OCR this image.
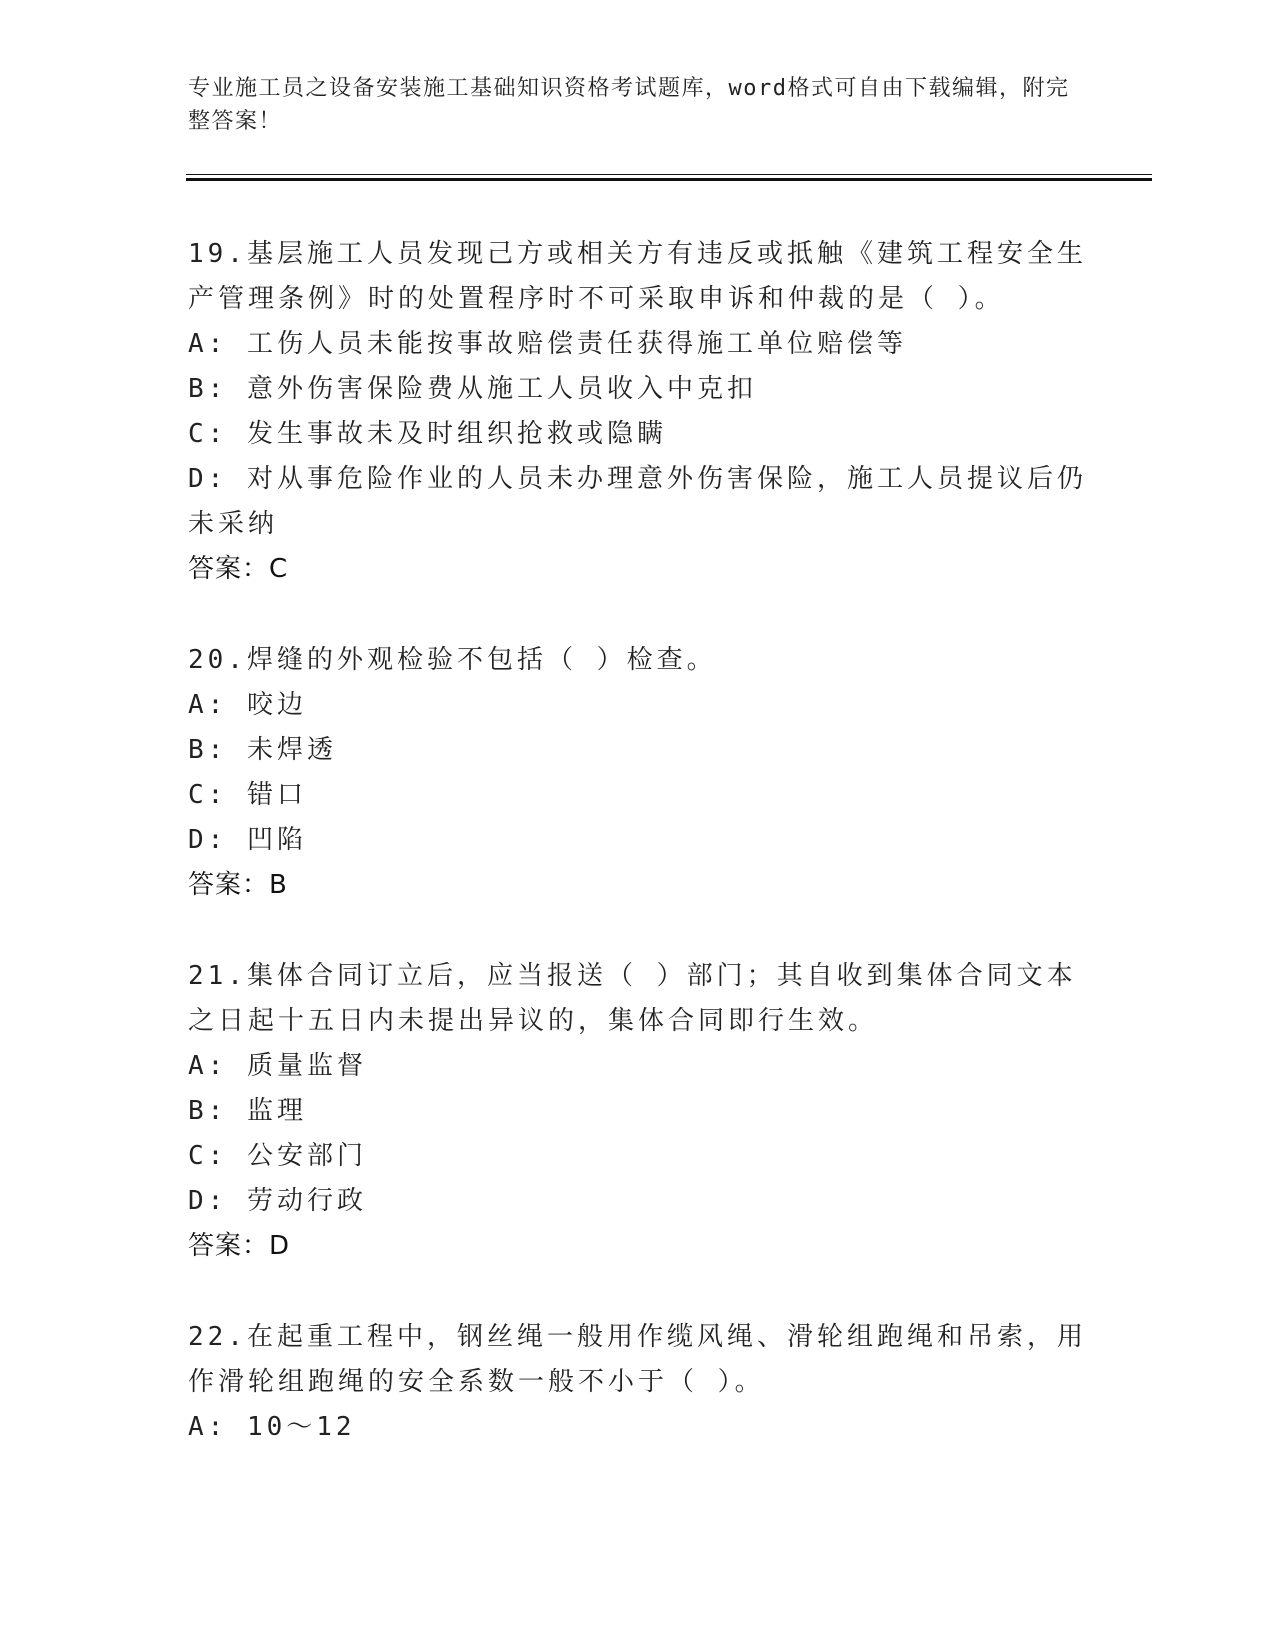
专业施工员之设备安装施工基础知识资格考试题库，word格式可自由下载编辑，附完整答案！
19.基层施工人员发现己方或相关方有违反或抵触《建筑工程安全生产管理条例》时的处置程序时不可采取申诉和仲裁的是（ ）。
A: 工伤人员未能按事故赔偿责任获得施工单位赔偿等
B: 意外伤害保险费从施工人员收入中克扣
C: 发生事故未及时组织抢救或隐瞒
D: 对从事危险作业的人员未办理意外伤害保险，施工人员提议后仍未采纳
答案：C
20.焊缝的外观检验不包括（ ）检查。
A: 咬边
B: 未焊透
C: 错口
D: 凹陷
答案：B
21.集体合同订立后，应当报送（ ）部门；其自收到集体合同文本之日起十五日内未提出异议的，集体合同即行生效。
A: 质量监督
B: 监理
C: 公安部门
D: 劳动行政
答案：D
22.在起重工程中，钢丝绳一般用作缆风绳、滑轮组跑绳和吊索，用作滑轮组跑绳的安全系数一般不小于（ ）。
A: 10～12
